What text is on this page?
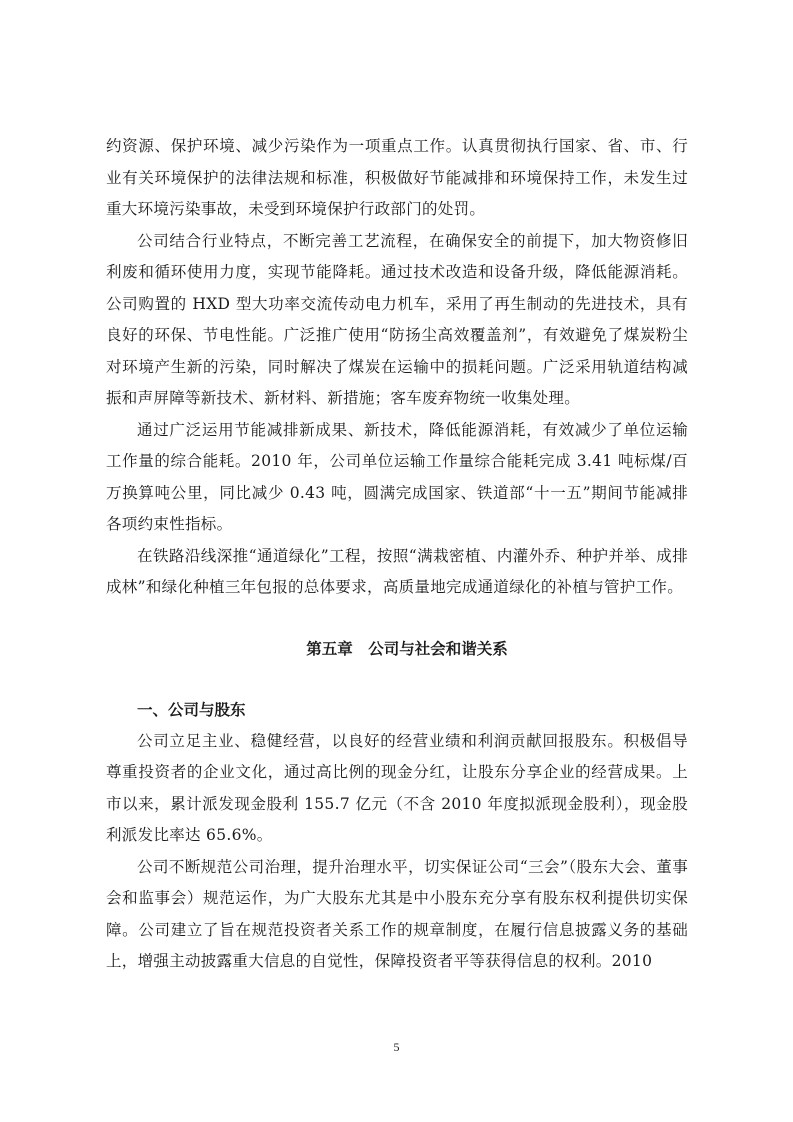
约资源、保护环境、减少污染作为一项重点工作。认真贯彻执行国家、省、市、行业有关环境保护的法律法规和标准，积极做好节能减排和环境保持工作，未发生过重大环境污染事故，未受到环境保护行政部门的处罚。

公司结合行业特点，不断完善工艺流程，在确保安全的前提下，加大物资修旧利废和循环使用力度，实现节能降耗。通过技术改造和设备升级，降低能源消耗。公司购置的 HXD 型大功率交流传动电力机车，采用了再生制动的先进技术，具有良好的环保、节电性能。广泛推广使用“防扬尘高效覆盖剂”，有效避免了煤炭粉尘对环境产生新的污染，同时解决了煤炭在运输中的损耗问题。广泛采用轨道结构减振和声屏障等新技术、新材料、新措施；客车废弃物统一收集处理。

通过广泛运用节能减排新成果、新技术，降低能源消耗，有效减少了单位运输工作量的综合能耗。2010 年，公司单位运输工作量综合能耗完成 3.41 吨标煤/百万换算吨公里，同比减少 0.43 吨，圆满完成国家、铁道部“十一五”期间节能减排各项约束性指标。

在铁路沿线深推“通道绿化”工程，按照“满栽密植、内灌外乔、种护并举、成排成林”和绿化种植三年包报的总体要求，高质量地完成通道绿化的补植与管护工作。

第五章　公司与社会和谐关系
一、公司与股东

公司立足主业、稳健经营，以良好的经营业绩和利润贡献回报股东。积极倡导尊重投资者的企业文化，通过高比例的现金分红，让股东分享企业的经营成果。上市以来，累计派发现金股利 155.7 亿元（不含 2010 年度拟派现金股利），现金股利派发比率达 65.6%。

公司不断规范公司治理，提升治理水平，切实保证公司“三会”（股东大会、董事会和监事会）规范运作，为广大股东尤其是中小股东充分享有股东权利提供切实保障。公司建立了旨在规范投资者关系工作的规章制度，在履行信息披露义务的基础上，增强主动披露重大信息的自觉性，保障投资者平等获得信息的权利。2010

5
